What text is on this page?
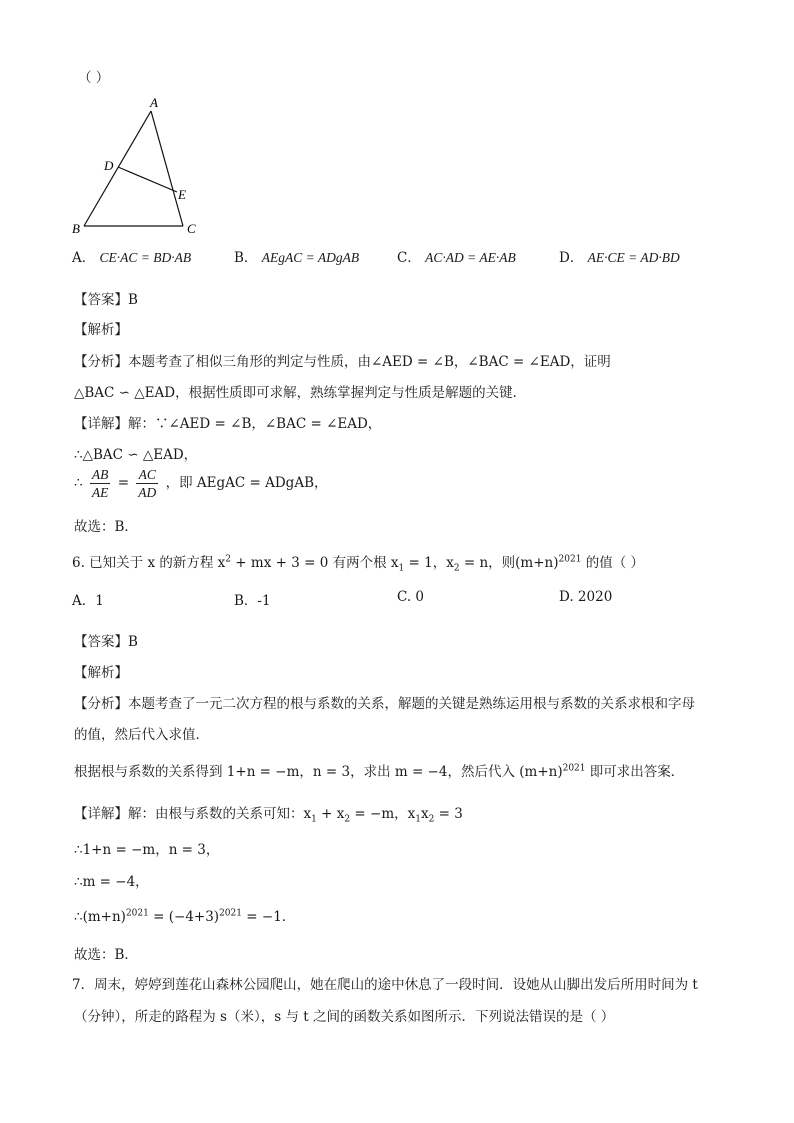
（ ）
A
D
E
B	C
A． CE·AC = BD·AB	B． AEgAC = ADgAB	C． AC·AD = AE·AB	D． AE·CE = AD·BD
【答案】B
【解析】
【分析】本题考查了相似三角形的判定与性质，由∠AED = ∠B，∠BAC = ∠EAD，证明
△BAC ∽ △EAD，根据性质即可求解，熟练掌握判定与性质是解题的关键．
【详解】解：∵∠AED = ∠B，∠BAC = ∠EAD，
∴△BAC ∽ △EAD，
∴ $\frac{AB}{AE} = \frac{AC}{AD}$ ，即 AEgAC = ADgAB，
故选：B．
6. 已知关于 x 的新方程 $x^2$ + mx + 3 = 0 有两个根 $x_1 = 1$，$x_2 = n$，则$(m+n)^{2021}$ 的值（ ）
A．1	B．-1	C. 0	D. 2020
【答案】B
【解析】
【分析】本题考查了一元二次方程的根与系数的关系，解题的关键是熟练运用根与系数的关系求根和字母
的值，然后代入求值．
根据根与系数的关系得到 1+n = −m，n = 3，求出 m = −4，然后代入 $(m+n)^{2021}$ 即可求出答案．
【详解】解：由根与系数的关系可知：$x_1 + x_2 = -m$，$x_1x_2 = 3$
∴1+n = −m，n = 3，
∴m = −4，
$\therefore(m+n)^{2021} = (-4+3)^{2021} = -1$．
故选：B．
7．周末，婷婷到莲花山森林公园爬山，她在爬山的途中休息了一段时间．设她从山脚出发后所用时间为 t
（分钟），所走的路程为 s（米），s 与 t 之间的函数关系如图所示．下列说法错误的是（ ）
